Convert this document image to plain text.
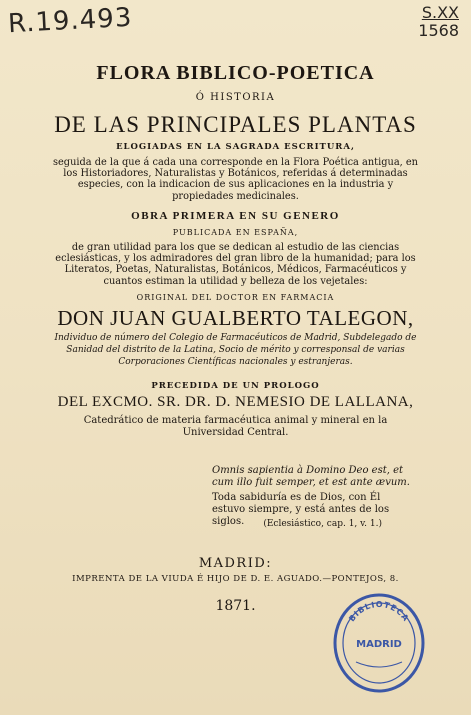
R.19.493	S.XX
1568
FLORA BIBLICO-POETICA
Ó HISTORIA
DE LAS PRINCIPALES PLANTAS
ELOGIADAS EN LA SAGRADA ESCRITURA,
seguida de la que á cada una corresponde en la Flora Poética antigua, en los Historiadores, Naturalistas y Botánicos, referidas á determinadas especies, con la indicacion de sus aplicaciones en la industria y propiedades medicinales.
OBRA PRIMERA EN SU GENERO
PUBLICADA EN ESPAÑA,
de gran utilidad para los que se dedican al estudio de las ciencias eclesiásticas, y los admiradores del gran libro de la humanidad; para los Literatos, Poetas, Naturalistas, Botánicos, Médicos, Farmacéuticos y cuantos estiman la utilidad y belleza de los vejetales:
ORIGINAL DEL DOCTOR EN FARMACIA
DON JUAN GUALBERTO TALEGON,
Individuo de número del Colegio de Farmacéuticos de Madrid, Subdelegado de Sanidad del distrito de la Latina, Socio de mérito y corresponsal de varias Corporaciones Científicas nacionales y estranjeras.
PRECEDIDA DE UN PROLOGO
DEL EXCMO. SR. DR. D. NEMESIO DE LALLANA,
Catedrático de materia farmacéutica animal y mineral en la Universidad Central.
Omnis sapientia à Domino Deo est, et cum illo fuit semper, et est ante ævum.
Toda sabiduría es de Dios, con Él estuvo siempre, y está antes de los siglos.	(Eclesiástico, cap. 1, v. 1.)
MADRID:
IMPRENTA DE LA VIUDA É HIJO DE D. E. AGUADO.—PONTEJOS, 8.
1871.
BIBLIOTECA
MADRID
